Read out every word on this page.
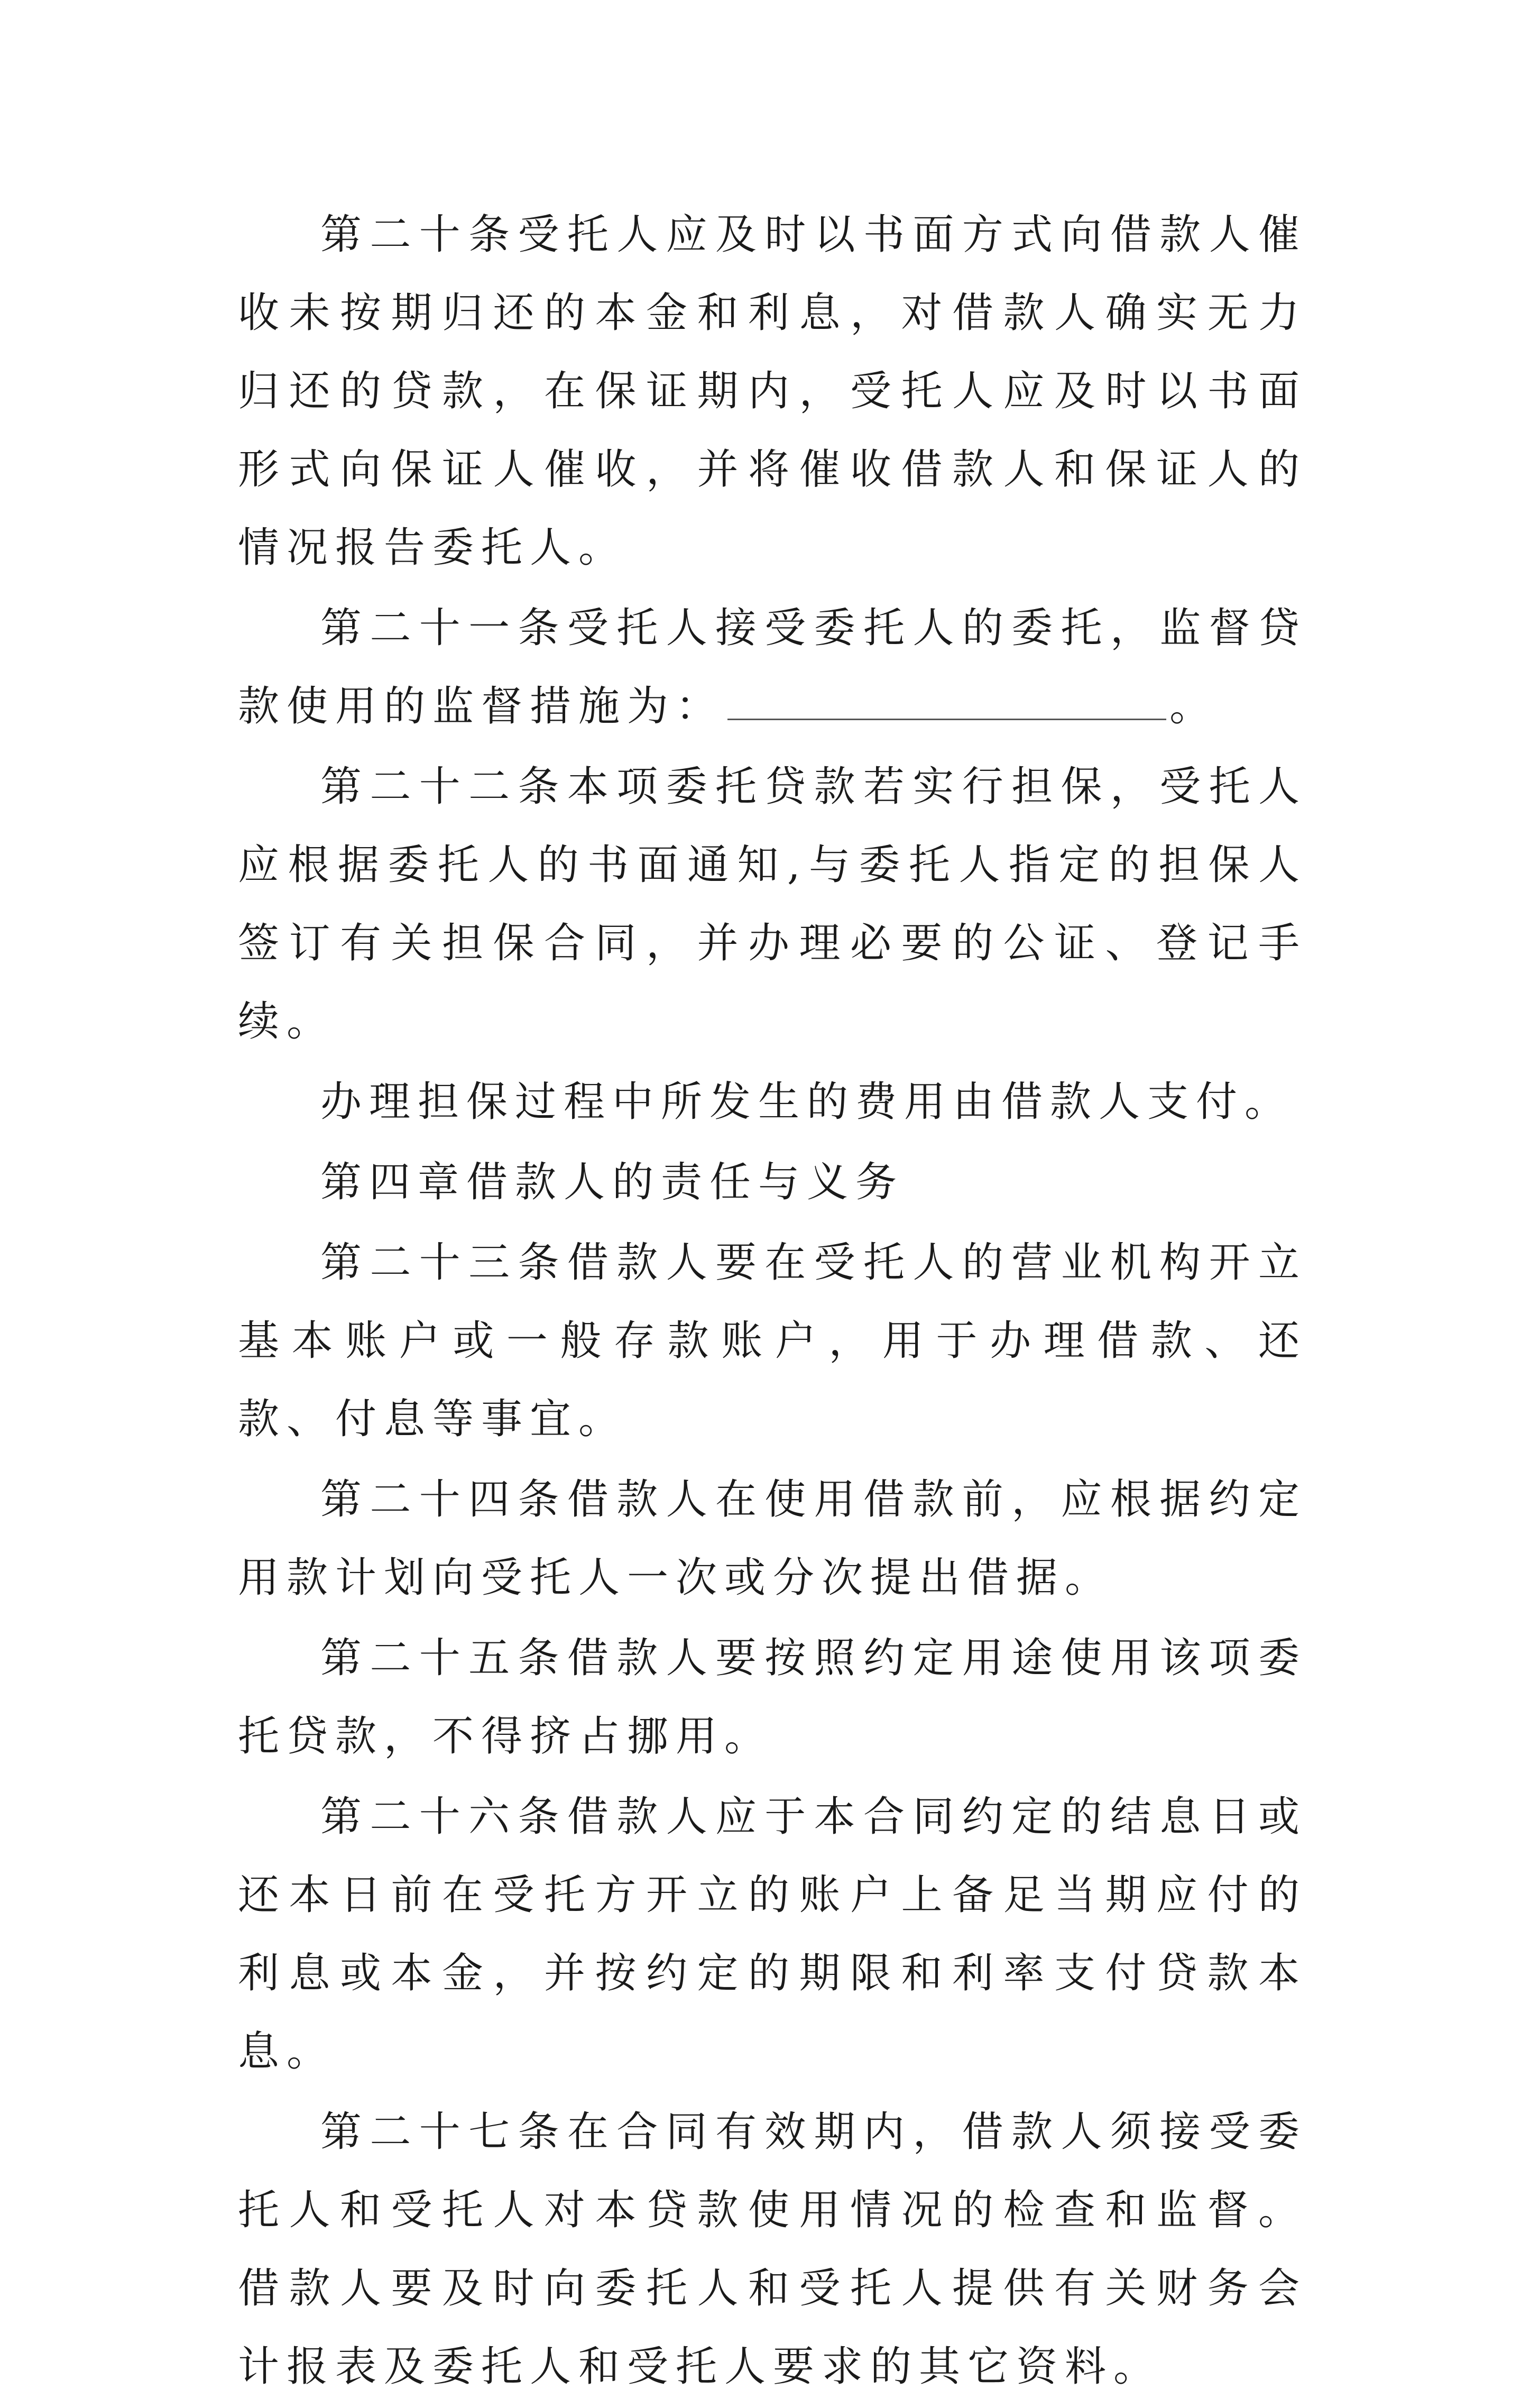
第二十条受托人应及时以书面方式向借款人催收未按期归还的本金和利息，对借款人确实无力归还的贷款，在保证期内，受托人应及时以书面形式向保证人催收，并将催收借款人和保证人的情况报告委托人。

第二十一条受托人接受委托人的委托，监督贷款使用的监督措施为：	。

第二十二条本项委托贷款若实行担保，受托人应根据委托人的书面通知,与委托人指定的担保人签订有关担保合同，并办理必要的公证、登记手续。

办理担保过程中所发生的费用由借款人支付。

第四章借款人的责任与义务

第二十三条借款人要在受托人的营业机构开立基本账户或一般存款账户，用于办理借款、还款、付息等事宜。

第二十四条借款人在使用借款前，应根据约定用款计划向受托人一次或分次提出借据。

第二十五条借款人要按照约定用途使用该项委托贷款，不得挤占挪用。

第二十六条借款人应于本合同约定的结息日或还本日前在受托方开立的账户上备足当期应付的利息或本金，并按约定的期限和利率支付贷款本息。

第二十七条在合同有效期内，借款人须接受委托人和受托人对本贷款使用情况的检查和监督。借款人要及时向委托人和受托人提供有关财务会计报表及委托人和受托人要求的其它资料。
